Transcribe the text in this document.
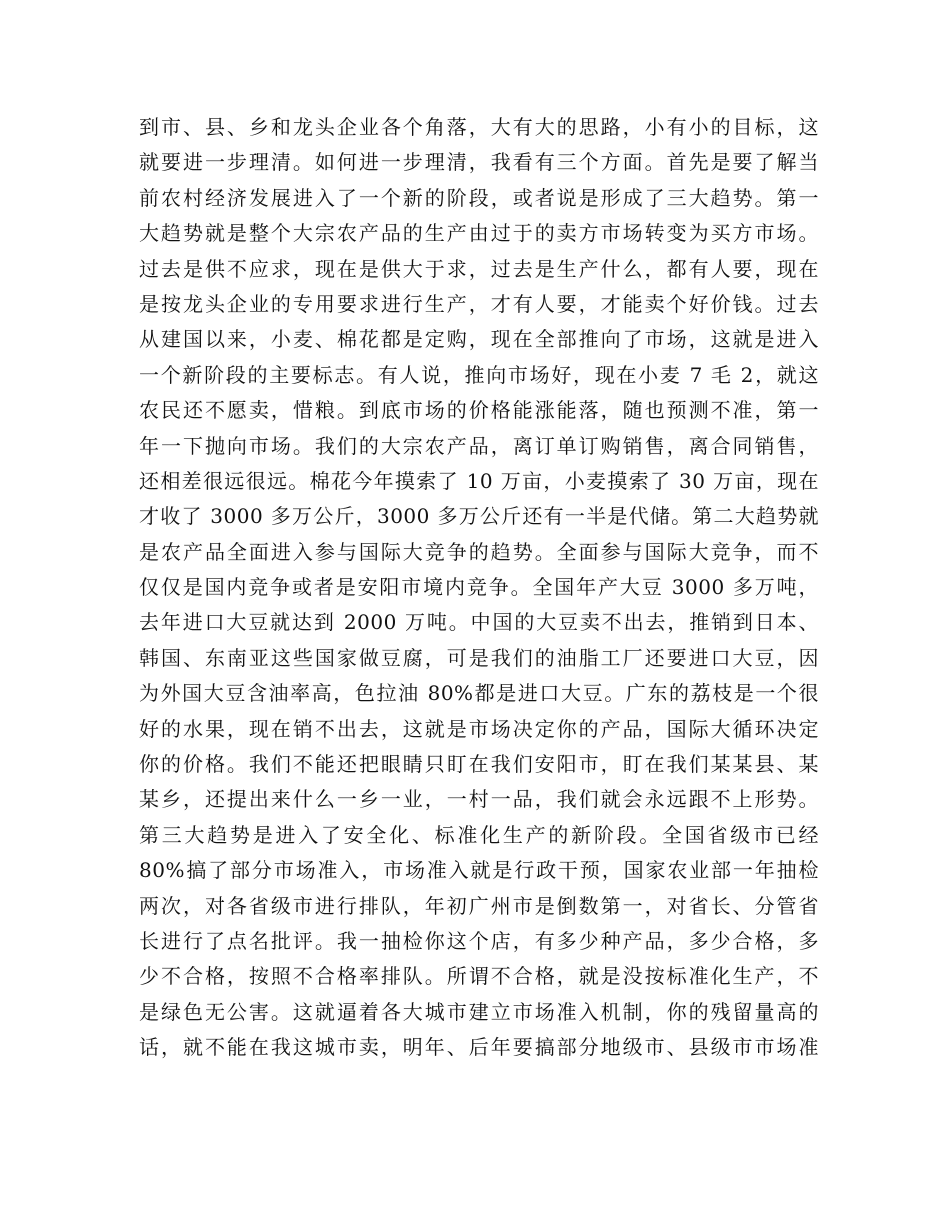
到市、县、乡和龙头企业各个角落，大有大的思路，小有小的目标，这
就要进一步理清。如何进一步理清，我看有三个方面。首先是要了解当
前农村经济发展进入了一个新的阶段，或者说是形成了三大趋势。第一
大趋势就是整个大宗农产品的生产由过于的卖方市场转变为买方市场。
过去是供不应求，现在是供大于求，过去是生产什么，都有人要，现在
是按龙头企业的专用要求进行生产，才有人要，才能卖个好价钱。过去
从建国以来，小麦、棉花都是定购，现在全部推向了市场，这就是进入
一个新阶段的主要标志。有人说，推向市场好，现在小麦 7 毛 2，就这
农民还不愿卖，惜粮。到底市场的价格能涨能落，随也预测不准，第一
年一下抛向市场。我们的大宗农产品，离订单订购销售，离合同销售，
还相差很远很远。棉花今年摸索了 10 万亩，小麦摸索了 30 万亩，现在
才收了 3000 多万公斤，3000 多万公斤还有一半是代储。第二大趋势就
是农产品全面进入参与国际大竞争的趋势。全面参与国际大竞争，而不
仅仅是国内竞争或者是安阳市境内竞争。全国年产大豆 3000 多万吨，
去年进口大豆就达到 2000 万吨。中国的大豆卖不出去，推销到日本、
韩国、东南亚这些国家做豆腐，可是我们的油脂工厂还要进口大豆，因
为外国大豆含油率高，色拉油 80%都是进口大豆。广东的荔枝是一个很
好的水果，现在销不出去，这就是市场决定你的产品，国际大循环决定
你的价格。我们不能还把眼睛只盯在我们安阳市，盯在我们某某县、某
某乡，还提出来什么一乡一业，一村一品，我们就会永远跟不上形势。
第三大趋势是进入了安全化、标准化生产的新阶段。全国省级市已经
80%搞了部分市场准入，市场准入就是行政干预，国家农业部一年抽检
两次，对各省级市进行排队，年初广州市是倒数第一，对省长、分管省
长进行了点名批评。我一抽检你这个店，有多少种产品，多少合格，多
少不合格，按照不合格率排队。所谓不合格，就是没按标准化生产，不
是绿色无公害。这就逼着各大城市建立市场准入机制，你的残留量高的
话，就不能在我这城市卖，明年、后年要搞部分地级市、县级市市场准
